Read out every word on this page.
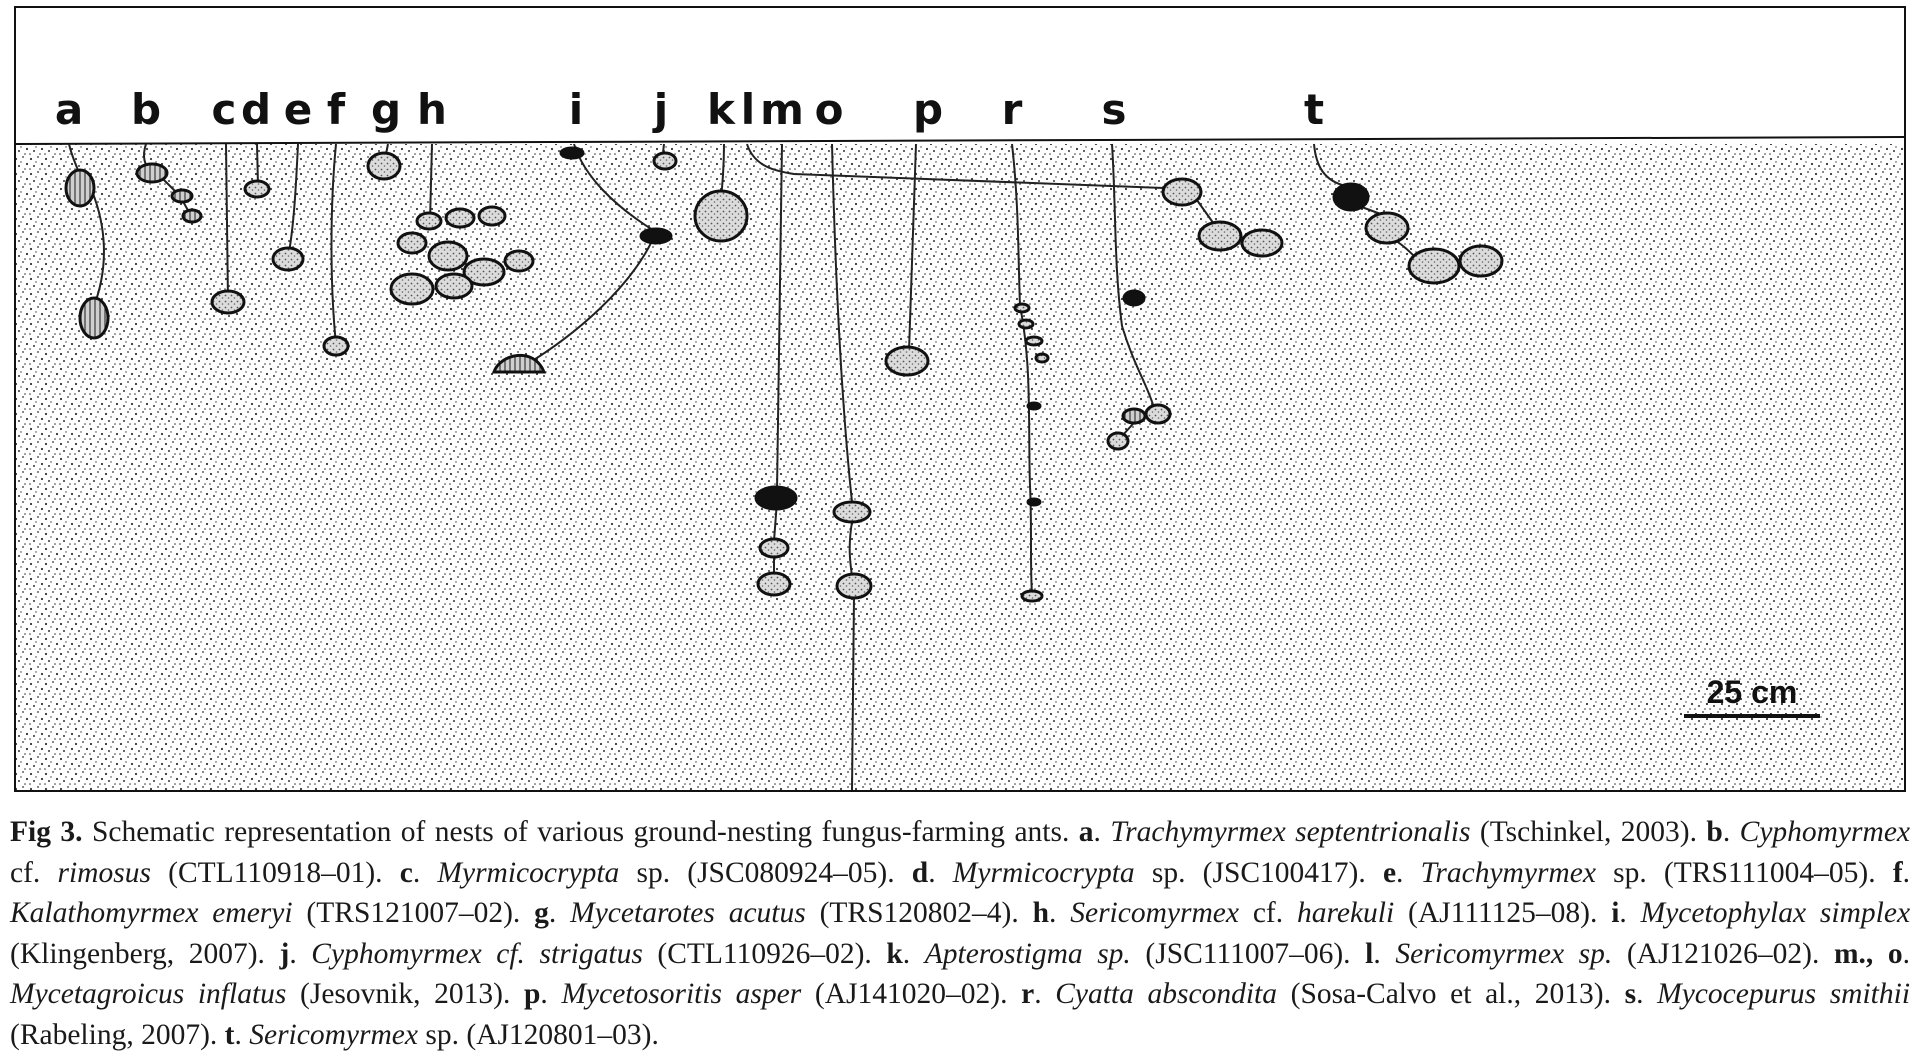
a b c d e f g h	i j k l m o p r s	t
25 cm
Fig 3. Schematic representation of nests of various ground-nesting fungus-farming ants. a. Trachymyrmex septentrionalis (Tschinkel, 2003). b. Cyphomyrmex cf. rimosus (CTL110918–01). c. Myrmicocrypta sp. (JSC080924–05). d. Myrmicocrypta sp. (JSC100417). e. Trachymyrmex sp. (TRS111004–05). f. Kalathomyrmex emeryi (TRS121007–02). g. Mycetarotes acutus (TRS120802–4). h. Sericomyrmex cf. harekuli (AJ111125–08). i. Mycetophylax simplex (Klingenberg, 2007). j. Cyphomyrmex cf. strigatus (CTL110926–02). k. Apterostigma sp. (JSC111007–06). l. Sericomyrmex sp. (AJ121026–02). m., o. Mycetagroicus inflatus (Jesovnik, 2013). p. Mycetosoritis asper (AJ141020–02). r. Cyatta abscondita (Sosa-Calvo et al., 2013). s. Mycocepurus smithii (Rabeling, 2007). t. Sericomyrmex sp. (AJ120801–03).
